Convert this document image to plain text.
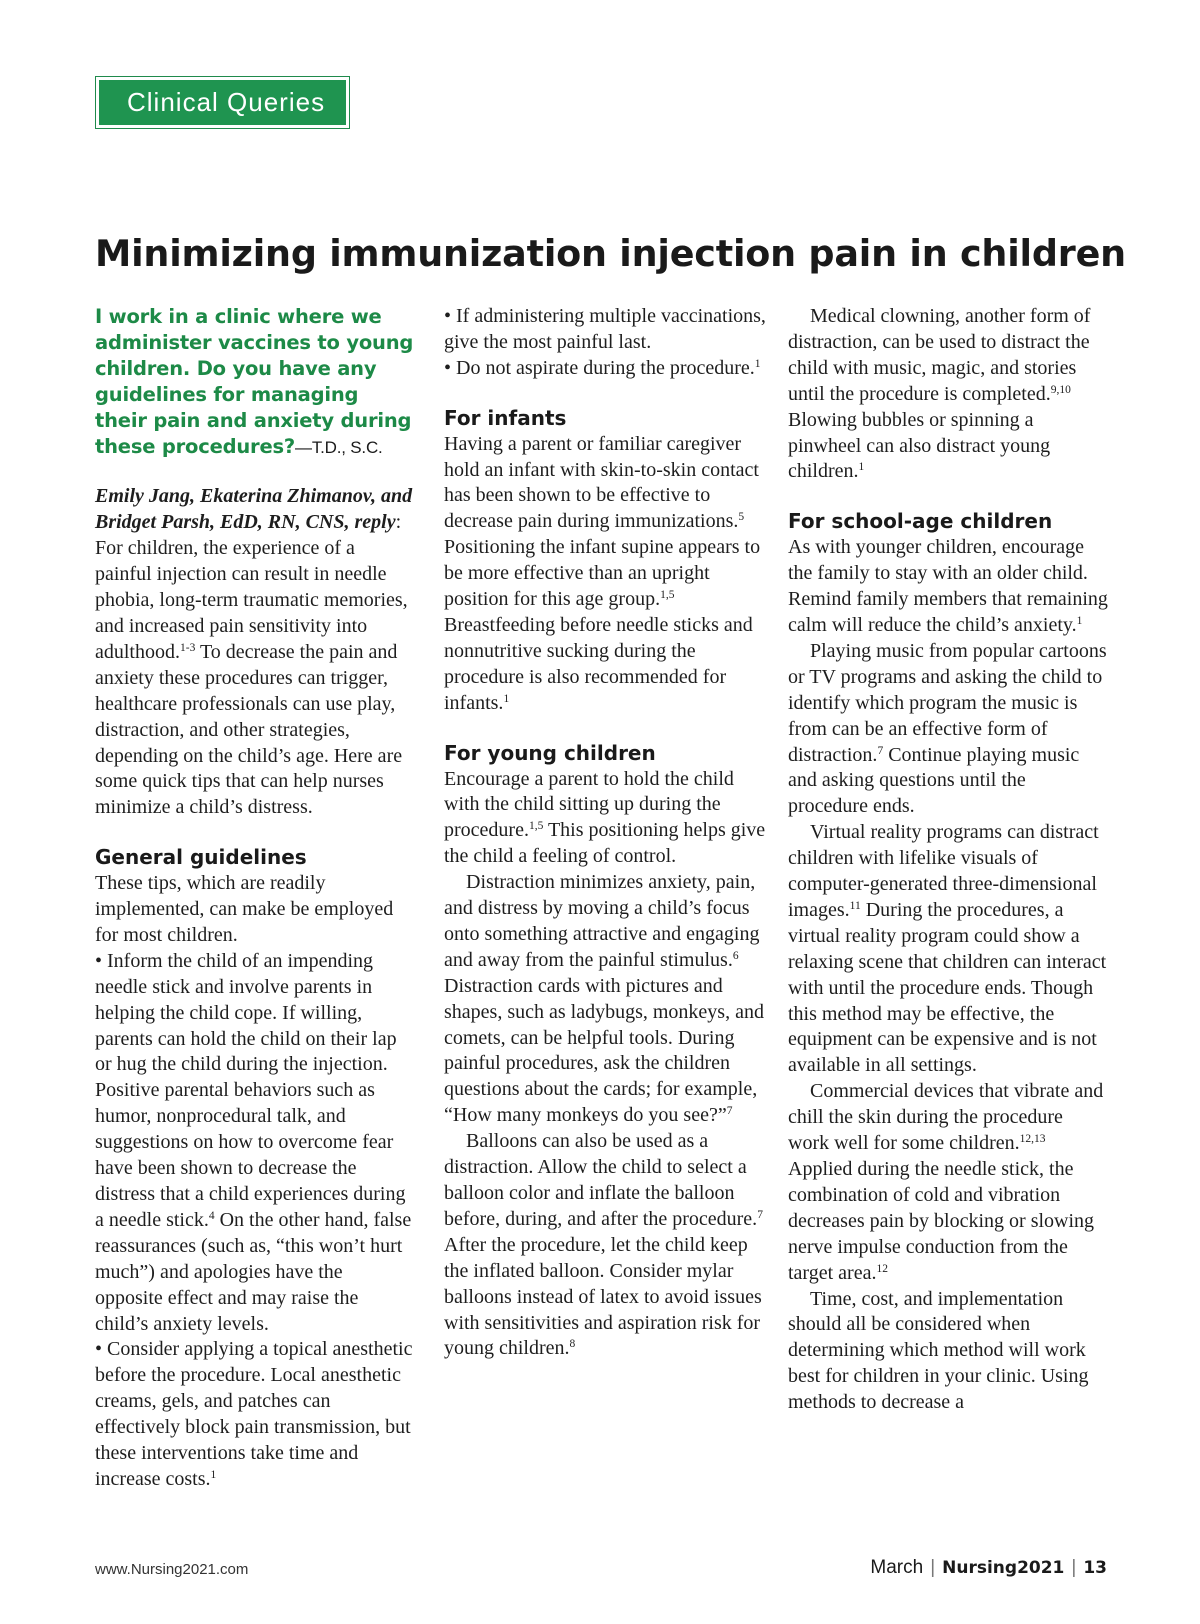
Clinical Queries
Minimizing immunization injection pain in children

I work in a clinic where we administer vaccines to young children. Do you have any guidelines for managing their pain and anxiety during these procedures?—T.D., S.C.

Emily Jang, Ekaterina Zhimanov, and Bridget Parsh, EdD, RN, CNS, reply: For children, the experience of a painful injection can result in needle phobia, long-term traumatic memories, and increased pain sensitivity into adulthood.$^{1-3}$ To decrease the pain and anxiety these procedures can trigger, healthcare professionals can use play, distraction, and other strategies, depending on the child’s age. Here are some quick tips that can help nurses minimize a child’s distress.

General guidelines

These tips, which are readily implemented, can make be employed for most children.

• Inform the child of an impending needle stick and involve parents in helping the child cope. If willing, parents can hold the child on their lap or hug the child during the injection. Positive parental behaviors such as humor, nonprocedural talk, and suggestions on how to overcome fear have been shown to decrease the distress that a child experiences during a needle stick.$^4$ On the other hand, false reassurances (such as, “this won’t hurt much”) and apologies have the opposite effect and may raise the child’s anxiety levels.

• Consider applying a topical anesthetic before the procedure. Local anesthetic creams, gels, and patches can effectively block pain transmission, but these interventions take time and increase costs.$^1$

• If administering multiple vaccinations, give the most painful last.

• Do not aspirate during the procedure.$^1$

For infants

Having a parent or familiar caregiver hold an infant with skin-to-skin contact has been shown to be effective to decrease pain during immunizations.$^5$ Positioning the infant supine appears to be more effective than an upright position for this age group.$^{1,5}$ Breastfeeding before needle sticks and nonnutritive sucking during the procedure is also recommended for infants.$^1$

For young children

Encourage a parent to hold the child with the child sitting up during the procedure.$^{1,5}$ This positioning helps give the child a feeling of control.

Distraction minimizes anxiety, pain, and distress by moving a child’s focus onto something attractive and engaging and away from the painful stimulus.$^6$ Distraction cards with pictures and shapes, such as ladybugs, monkeys, and comets, can be helpful tools. During painful procedures, ask the children questions about the cards; for example, “How many monkeys do you see?”$^7$

Balloons can also be used as a distraction. Allow the child to select a balloon color and inflate the balloon before, during, and after the procedure.$^7$ After the procedure, let the child keep the inflated balloon. Consider mylar balloons instead of latex to avoid issues with sensitivities and aspiration risk for young children.$^8$

Medical clowning, another form of distraction, can be used to distract the child with music, magic, and stories until the procedure is completed.$^{9,10}$ Blowing bubbles or spinning a pinwheel can also distract young children.$^1$

For school-age children

As with younger children, encourage the family to stay with an older child. Remind family members that remaining calm will reduce the child’s anxiety.$^1$

Playing music from popular cartoons or TV programs and asking the child to identify which program the music is from can be an effective form of distraction.$^7$ Continue playing music and asking questions until the procedure ends.

Virtual reality programs can distract children with lifelike visuals of computer-generated three-dimensional images.$^{11}$ During the procedures, a virtual reality program could show a relaxing scene that children can interact with until the procedure ends. Though this method may be effective, the equipment can be expensive and is not available in all settings.

Commercial devices that vibrate and chill the skin during the procedure work well for some children.$^{12,13}$ Applied during the needle stick, the combination of cold and vibration decreases pain by blocking or slowing nerve impulse conduction from the target area.$^{12}$

Time, cost, and implementation should all be considered when determining which method will work best for children in your clinic. Using methods to decrease a

www.Nursing2021.com	March | Nursing2021 | 13
